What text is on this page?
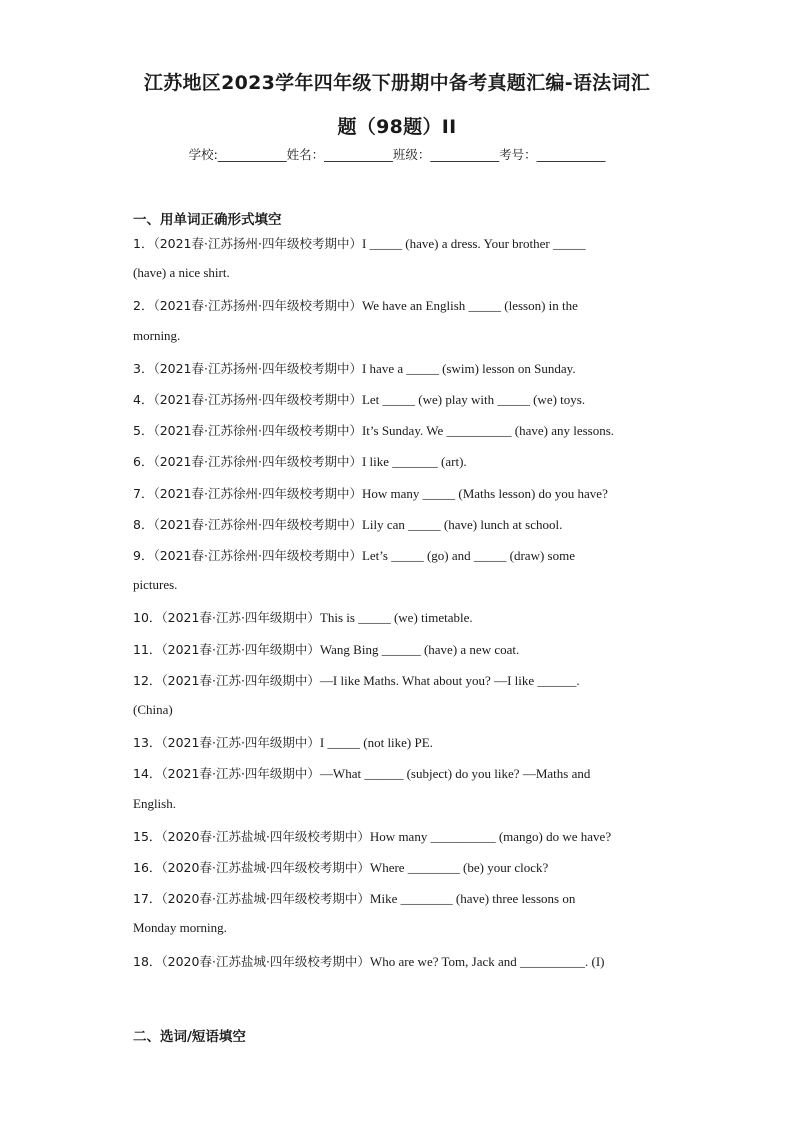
江苏地区2023学年四年级下册期中备考真题汇编-语法词汇
题（98题）II
学校:___________姓名：___________班级：___________考号：___________
一、用单词正确形式填空
1．（2021春·江苏扬州·四年级校考期中）I _____ (have) a dress. Your brother _____
(have) a nice shirt.
2．（2021春·江苏扬州·四年级校考期中）We have an English _____ (lesson) in the
morning.
3．（2021春·江苏扬州·四年级校考期中）I have a _____ (swim) lesson on Sunday.
4．（2021春·江苏扬州·四年级校考期中）Let _____ (we) play with _____ (we) toys.
5．（2021春·江苏徐州·四年级校考期中）It’s Sunday. We __________ (have) any lessons.
6．（2021春·江苏徐州·四年级校考期中）I like _______ (art).
7．（2021春·江苏徐州·四年级校考期中）How many _____ (Maths lesson) do you have?
8．（2021春·江苏徐州·四年级校考期中）Lily can _____ (have) lunch at school.
9．（2021春·江苏徐州·四年级校考期中）Let’s _____ (go) and _____ (draw) some
pictures.
10．（2021春·江苏·四年级期中）This is _____ (we) timetable.
11．（2021春·江苏·四年级期中）Wang Bing ______ (have) a new coat.
12．（2021春·江苏·四年级期中）—I like Maths. What about you? —I like ______.
(China)
13．（2021春·江苏·四年级期中）I _____ (not like) PE.
14．（2021春·江苏·四年级期中）—What ______ (subject) do you like? —Maths and
English.
15．（2020春·江苏盐城·四年级校考期中）How many __________ (mango) do we have?
16．（2020春·江苏盐城·四年级校考期中）Where ________ (be) your clock?
17．（2020春·江苏盐城·四年级校考期中）Mike ________ (have) three lessons on
Monday morning.
18．（2020春·江苏盐城·四年级校考期中）Who are we? Tom, Jack and __________. (I)
二、选词/短语填空
